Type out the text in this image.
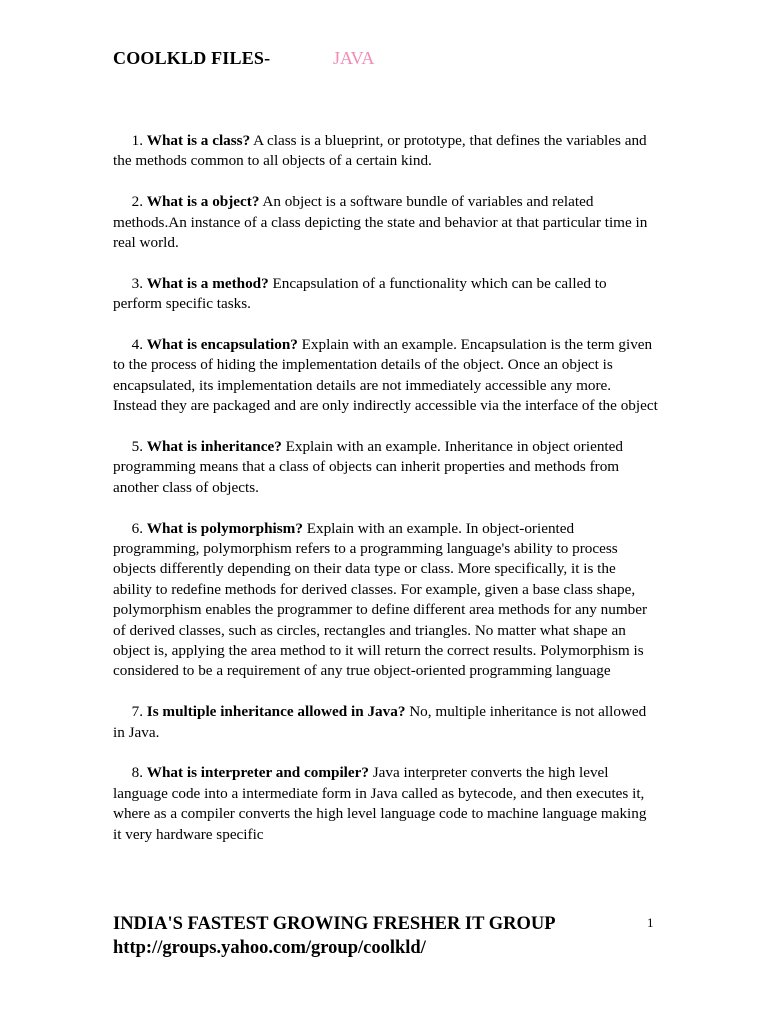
COOLKLD FILES-	JAVA

1. What is a class? A class is a blueprint, or prototype, that defines the variables and the methods common to all objects of a certain kind.

2. What is a object? An object is a software bundle of variables and related methods.An instance of a class depicting the state and behavior at that particular time in real world.

3. What is a method? Encapsulation of a functionality which can be called to perform specific tasks.

4. What is encapsulation? Explain with an example. Encapsulation is the term given to the process of hiding the implementation details of the object. Once an object is encapsulated, its implementation details are not immediately accessible any more. Instead they are packaged and are only indirectly accessible via the interface of the object

5. What is inheritance? Explain with an example. Inheritance in object oriented programming means that a class of objects can inherit properties and methods from another class of objects.

6. What is polymorphism? Explain with an example. In object-oriented programming, polymorphism refers to a programming language's ability to process objects differently depending on their data type or class. More specifically, it is the ability to redefine methods for derived classes. For example, given a base class shape, polymorphism enables the programmer to define different area methods for any number of derived classes, such as circles, rectangles and triangles. No matter what shape an object is, applying the area method to it will return the correct results. Polymorphism is considered to be a requirement of any true object-oriented programming language

7. Is multiple inheritance allowed in Java? No, multiple inheritance is not allowed in Java.

8. What is interpreter and compiler? Java interpreter converts the high level language code into a intermediate form in Java called as bytecode, and then executes it, where as a compiler converts the high level language code to machine language making it very hardware specific

INDIA'S FASTEST GROWING FRESHER IT GROUP
http://groups.yahoo.com/group/coolkld/
1
